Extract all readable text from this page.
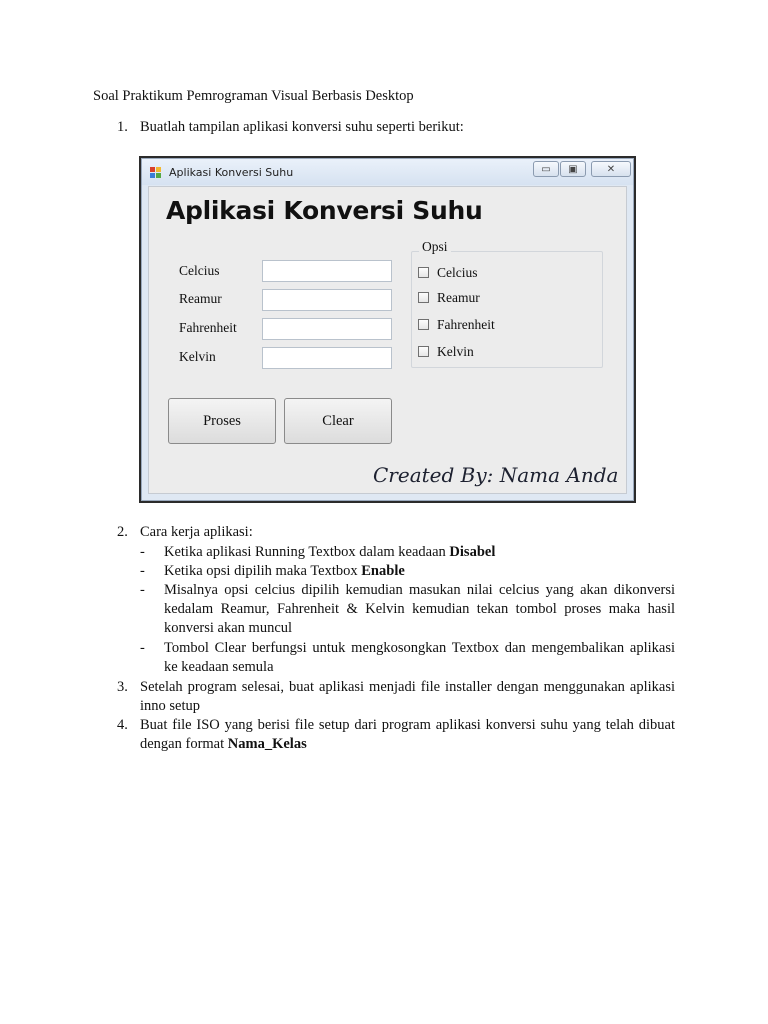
Soal Praktikum Pemrograman Visual Berbasis Desktop
1. Buatlah tampilan aplikasi konversi suhu seperti berikut:
Aplikasi Konversi Suhu	▭	▣	✕
Aplikasi Konversi Suhu
Celcius
Reamur
Fahrenheit
Kelvin
Opsi
Celcius
Reamur
Fahrenheit
Kelvin
Proses	Clear
Created By: Nama Anda
2. Cara kerja aplikasi:
- Ketika aplikasi Running Textbox dalam keadaan Disabel
- Ketika opsi dipilih maka Textbox Enable
- Misalnya opsi celcius dipilih kemudian masukan nilai celcius yang akan dikonversi kedalam Reamur, Fahrenheit & Kelvin kemudian tekan tombol proses maka hasil konversi akan muncul
- Tombol Clear berfungsi untuk mengkosongkan Textbox dan mengembalikan aplikasi ke keadaan semula
3. Setelah program selesai, buat aplikasi menjadi file installer dengan menggunakan aplikasi inno setup
4. Buat file ISO yang berisi file setup dari program aplikasi konversi suhu yang telah dibuat dengan format Nama_Kelas
